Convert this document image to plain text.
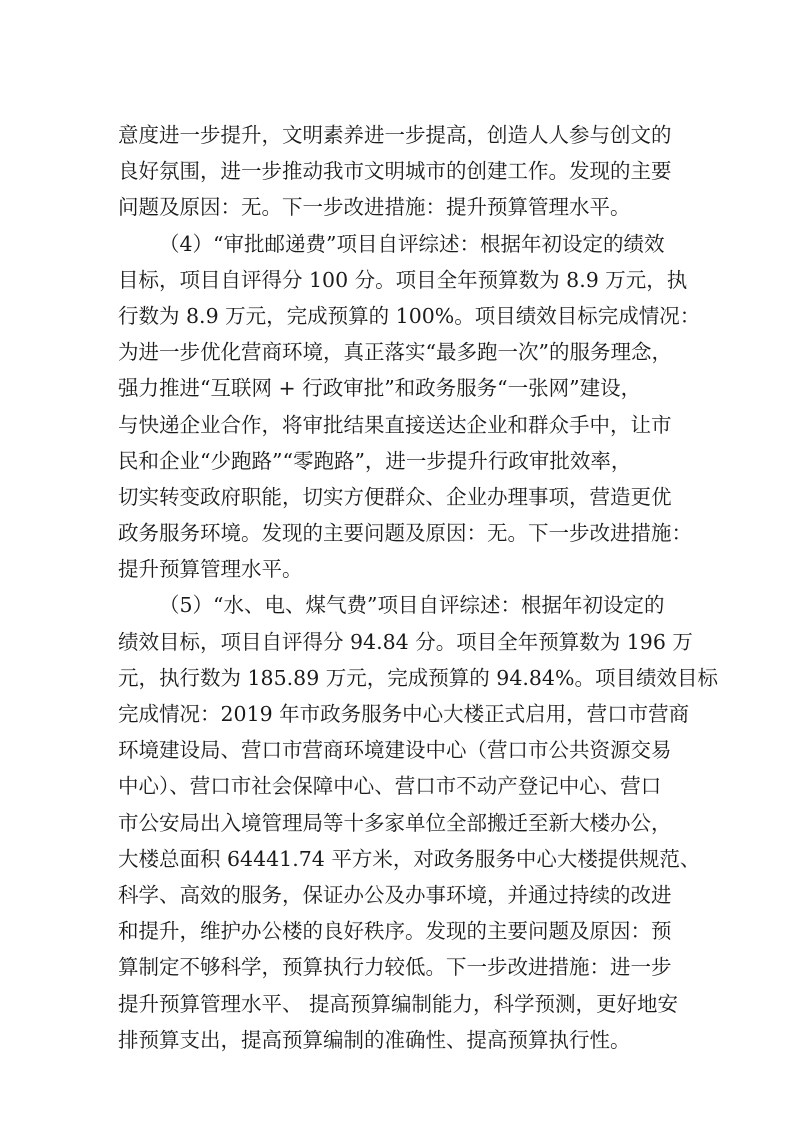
意度进一步提升，文明素养进一步提高，创造人人参与创文的
良好氛围，进一步推动我市文明城市的创建工作。发现的主要
问题及原因：无。下一步改进措施：提升预算管理水平。

（4）“审批邮递费”项目自评综述：根据年初设定的绩效
目标，项目自评得分 100 分。项目全年预算数为 8.9 万元，执
行数为 8.9 万元，完成预算的 100%。项目绩效目标完成情况：
为进一步优化营商环境，真正落实“最多跑一次”的服务理念，
强力推进“互联网 + 行政审批”和政务服务“一张网”建设，
与快递企业合作，将审批结果直接送达企业和群众手中，让市
民和企业“少跑路”“零跑路”，进一步提升行政审批效率，
切实转变政府职能，切实方便群众、企业办理事项，营造更优
政务服务环境。发现的主要问题及原因：无。下一步改进措施：
提升预算管理水平。

（5）“水、电、煤气费”项目自评综述：根据年初设定的
绩效目标，项目自评得分 94.84 分。项目全年预算数为 196 万
元，执行数为 185.89 万元，完成预算的 94.84%。项目绩效目标
完成情况：2019 年市政务服务中心大楼正式启用，营口市营商
环境建设局、营口市营商环境建设中心（营口市公共资源交易
中心）、营口市社会保障中心、营口市不动产登记中心、营口
市公安局出入境管理局等十多家单位全部搬迁至新大楼办公，
大楼总面积 64441.74 平方米，对政务服务中心大楼提供规范、
科学、高效的服务，保证办公及办事环境，并通过持续的改进
和提升，维护办公楼的良好秩序。发现的主要问题及原因：预
算制定不够科学，预算执行力较低。下一步改进措施：进一步
提升预算管理水平、 提高预算编制能力，科学预测，更好地安
排预算支出，提高预算编制的准确性、提高预算执行性。
